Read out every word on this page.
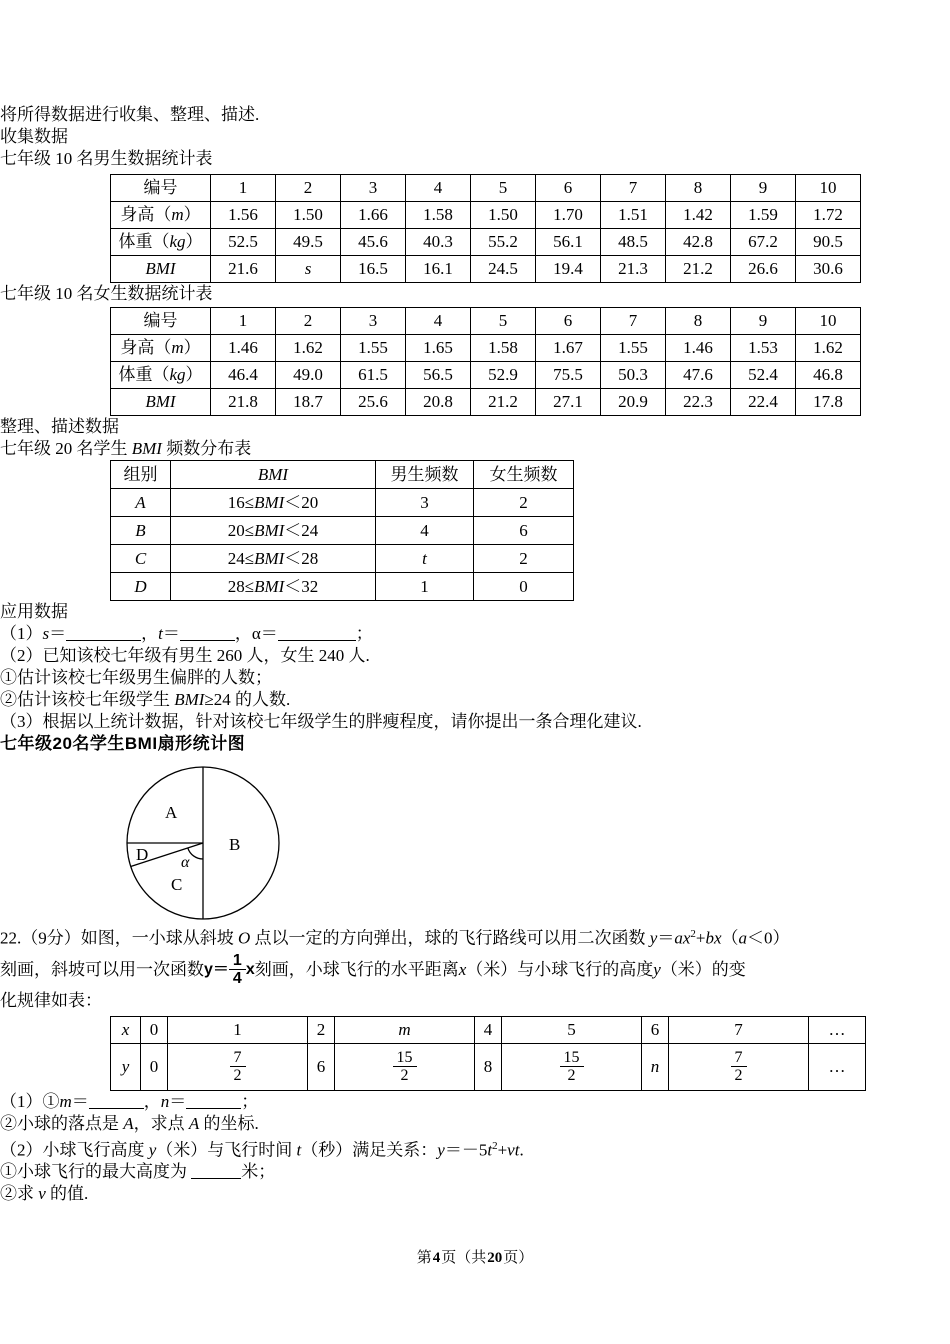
将所得数据进行收集、整理、描述.

收集数据

七年级 10 名男生数据统计表

编号	1	2	3	4	5	6	7	8	9	10
身高（m）	1.56	1.50	1.66	1.58	1.50	1.70	1.51	1.42	1.59	1.72
体重（kg）	52.5	49.5	45.6	40.3	55.2	56.1	48.5	42.8	67.2	90.5
BMI	21.6	s	16.5	16.1	24.5	19.4	21.3	21.2	26.6	30.6

七年级 10 名女生数据统计表

编号	1	2	3	4	5	6	7	8	9	10
身高（m）	1.46	1.62	1.55	1.65	1.58	1.67	1.55	1.46	1.53	1.62
体重（kg）	46.4	49.0	61.5	56.5	52.9	75.5	50.3	47.6	52.4	46.8
BMI	21.8	18.7	25.6	20.8	21.2	27.1	20.9	22.3	22.4	17.8

整理、描述数据

七年级 20 名学生 BMI 频数分布表

组别	BMI	男生频数	女生频数
A	16≤BMI＜20	3	2
B	20≤BMI＜24	4	6
C	24≤BMI＜28	t	2
D	28≤BMI＜32	1	0

应用数据

（1）s＝	，t＝	，α＝	；

（2）已知该校七年级有男生 260 人，女生 240 人.

①估计该校七年级男生偏胖的人数；

②估计该校七年级学生 BMI≥24 的人数.

（3）根据以上统计数据，针对该校七年级学生的胖瘦程度，请你提出一条合理化建议.

七年级20名学生BMI扇形统计图

A
B
C
D α

22.（9分）如图，一小球从斜坡 O 点以一定的方向弹出，球的飞行路线可以用二次函数 $y=ax^2+bx(a<0)$

刻画，斜坡可以用一次函数 $y= \frac{1}{4}$ x 刻画，小球飞行的水平距离 x （米）与小球飞行的高度 y （米）的变

化规律如表：

x	0	1	2	m	4	5	6	7	…
y	0	$\frac{7}{2}$	6	$\frac{15}{2}$	8	$\frac{15}{2}$	n	$\frac{7}{2}$	…

（1）①m＝	，n＝	；

②小球的落点是 A，求点 A 的坐标.

（2）小球飞行高度 y（米）与飞行时间 t（秒）满足关系：$y=-5t^2+vt$.

①小球飞行的最大高度为	米；

②求 v 的值.

第4页（共20页）
